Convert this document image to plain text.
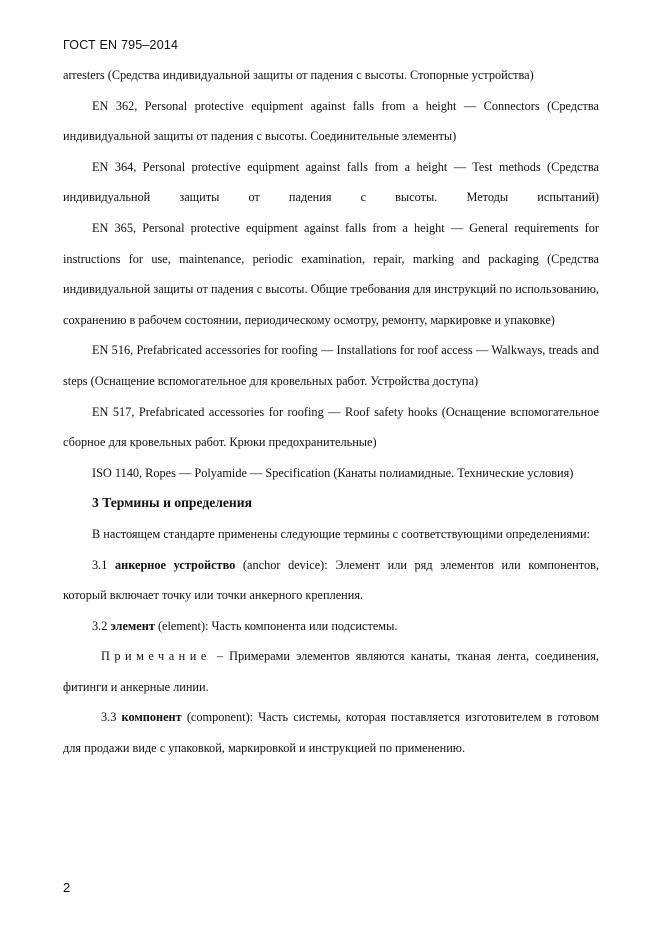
ГОСТ EN 795–2014

arresters (Средства индивидуальной защиты от падения с высоты. Стопорные устройства)

EN 362, Personal protective equipment against falls from a height — Connectors (Средства индивидуальной защиты от падения с высоты. Соединительные элементы)

EN 364, Personal protective equipment against falls from a height — Test methods (Средства индивидуальной защиты от падения с высоты. Методы испытаний)

EN 365, Personal protective equipment against falls from a height — General requirements for instructions for use, maintenance, periodic examination, repair, marking and packaging (Средства индивидуальной защиты от падения с высоты. Общие требования для инструкций по использованию, сохранению в рабочем состоянии, периодическому осмотру, ремонту, маркировке и упаковке)

EN 516, Prefabricated accessories for roofing — Installations for roof access — Walkways, treads and steps (Оснащение вспомогательное для кровельных работ. Устройства доступа)

EN 517, Prefabricated accessories for roofing — Roof safety hooks (Оснащение вспомогательное сборное для кровельных работ. Крюки предохранительные)

ISO 1140, Ropes — Polyamide — Specification (Канаты полиамидные. Технические условия)

3 Термины и определения

В настоящем стандарте применены следующие термины с соответствующими определениями:

3.1 анкерное устройство (anchor device): Элемент или ряд элементов или компонентов, который включает точку или точки анкерного крепления.

3.2 элемент (element): Часть компонента или подсистемы.

Примечание – Примерами элементов являются канаты, тканая лента, соединения, фитинги и анкерные линии.

3.3 компонент (component): Часть системы, которая поставляется изготовителем в готовом для продажи виде с упаковкой, маркировкой и инструкцией по применению.

2
